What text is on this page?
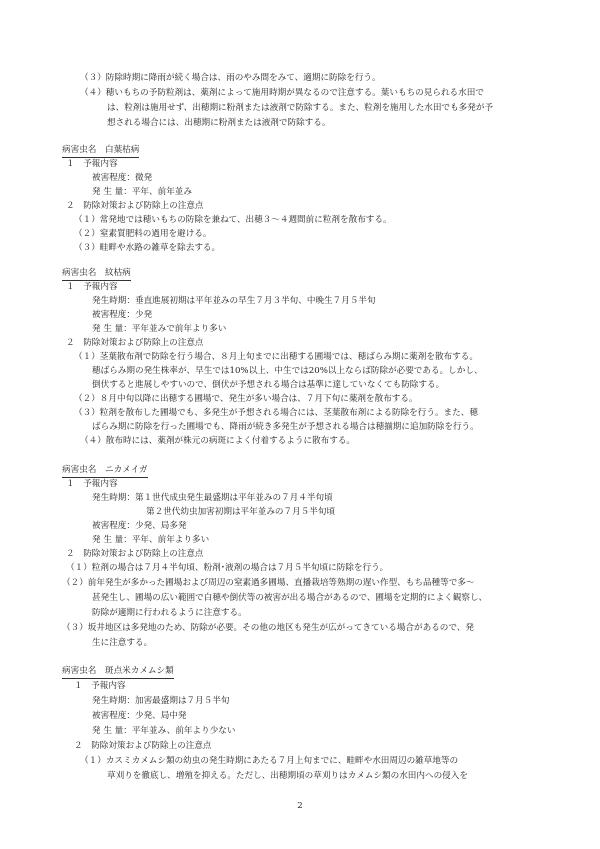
（３）防除時期に降雨が続く場合は、雨のやみ間をみて、適期に防除を行う。
（４）穂いもちの予防粒剤は、薬剤によって施用時期が異なるので注意する。葉いもちの見られる水田で
は、粒剤は施用せず、出穂期に粉剤または液剤で防除する。また、粒剤を施用した水田でも多発が予
想される場合には、出穂期に粉剤または液剤で防除する。
病害虫名　白葉枯病
１　予報内容
被害程度：微発
発 生 量：平年、前年並み
２　防除対策および防除上の注意点
（１）常発地では穂いもちの防除を兼ねて、出穂３～４週間前に粒剤を散布する。
（２）窒素質肥料の過用を避ける。
（３）畦畔や水路の雑草を除去する。
病害虫名　紋枯病
１　予報内容
発生時期：垂直進展初期は平年並みの早生７月３半旬、中晩生７月５半旬
被害程度：少発
発 生 量：平年並みで前年より多い
２　防除対策および防除上の注意点
（１）茎葉散布剤で防除を行う場合、８月上旬までに出穂する圃場では、穂ばらみ期に薬剤を散布する。
穂ばらみ期の発生株率が、早生では10%以上、中生では20%以上ならば防除が必要である。しかし、
倒伏すると進展しやすいので、倒伏が予想される場合は基準に達していなくても防除する。
（２）８月中旬以降に出穂する圃場で、発生が多い場合は、７月下旬に薬剤を散布する。
（３）粒剤を散布した圃場でも、多発生が予想される場合には、茎葉散布剤による防除を行う。また、穂
ばらみ期に防除を行った圃場でも、降雨が続き多発生が予想される場合は穂揃期に追加防除を行う。
（４）散布時には、薬剤が株元の病斑によく付着するように散布する。
病害虫名　ニカメイガ
１　予報内容
発生時期：第１世代成虫発生最盛期は平年並みの７月４半旬頃
第２世代幼虫加害初期は平年並みの７月５半旬頃
被害程度：少発、局多発
発 生 量：平年、前年より多い
２　防除対策および防除上の注意点
（１）粒剤の場合は７月４半旬頃、粉剤･液剤の場合は７月５半旬頃に防除を行う。
（２）前年発生が多かった圃場および周辺の窒素過多圃場、直播栽培等熟期の遅い作型、もち品種等で多～
甚発生し、圃場の広い範囲で白穂や倒伏等の被害が出る場合があるので、圃場を定期的によく観察し、
防除が適期に行われるように注意する。
（３）坂井地区は多発地のため、防除が必要。その他の地区も発生が広がってきている場合があるので、発
生に注意する。
病害虫名　斑点米カメムシ類
１　予報内容
発生時期：加害最盛期は７月５半旬
被害程度：少発、局中発
発 生 量：平年並み、前年より少ない
２　防除対策および防除上の注意点
（１）カスミカメムシ類の幼虫の発生時期にあたる７月上旬までに、畦畔や水田周辺の雑草地等の
草刈りを徹底し、増殖を抑える。ただし、出穂期頃の草刈りはカメムシ類の水田内への侵入を
2
